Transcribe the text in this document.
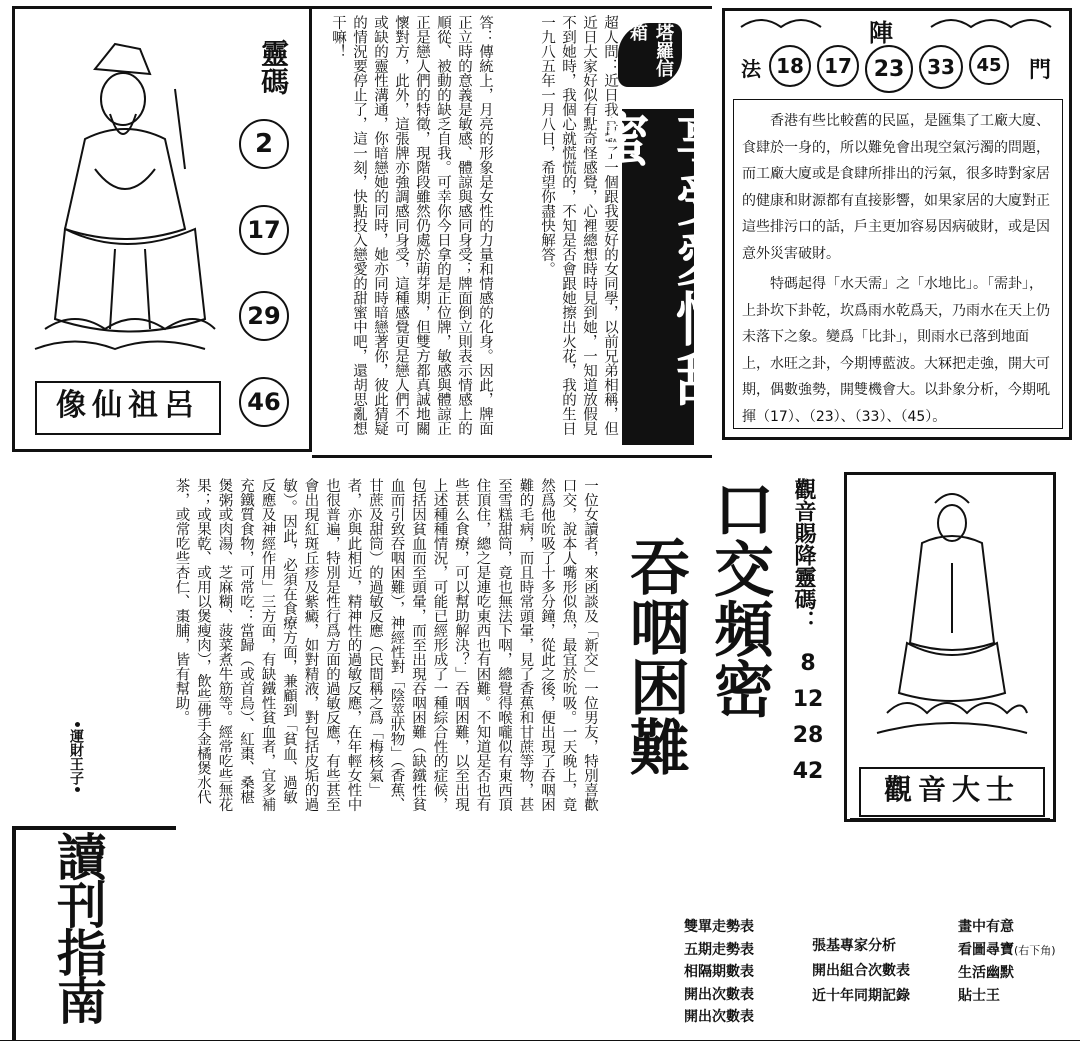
呂祖仙像
靈碼
2 17 29 46	超人問：近日我喜歡了一個跟我要好的女同學，以前兄弟相稱，但近日大家好似有點奇怪感覺，心裡總想時時見到她，一知道放假見不到她時，我個心就慌慌的，不知是否會跟她擦出火花，我的生日一九八五年一月八日，希望你盡快解答。
答：傳統上，月亮的形象是女性的力量和情感的化身。因此，牌面正立時的意義是敏感、體諒與感同身受；牌面倒立則表示情感上的順從、被動的缺乏自我。可幸你今日拿的是正位牌，敏感與體諒正正是戀人們的特徵，現階段雖然仍處於萌芽期，但雙方都真誠地關懷對方，此外，這張牌亦強調感同身受，這種感覺更是戀人們不可或缺的靈性溝通，你暗戀她的同時，她亦同時暗戀著你，彼此猜疑的情況要停止了，這一刻，快點投入戀愛的甜蜜中吧，還胡思亂想干嘛！	塔羅信箱
享受愛情甜蜜
陣
法 18	17 23	33	45	門

香港有些比較舊的民區，是匯集了工廠大廈、食肆於一身的，所以難免會出現空氣污濁的問題，而工廠大廈或是食肆所排出的污氣，很多時對家居的健康和財源都有直接影響，如果家居的大廈對正這些排污口的話，戶主更加容易因病破財，或是因意外災害破財。

特碼起得「水天需」之「水地比」。「需卦」，上卦坎下卦乾，坎爲雨水乾爲天，乃雨水在天上仍未落下之象。變爲「比卦」，則雨水已落到地面上，水旺之卦，今期博藍波。大冧把走強，開大可期，偶數強勢，開雙機會大。以卦象分析，今期吼揮（17）、（23）、（33）、（45）。

一位女讀者，來函談及「新交」一位男友，特別喜歡口交，說本人嘴形似魚，最宜於吮吸。一天晚上，竟然爲他吮吸了十多分鐘，從此之後，便出現了吞咽困難的毛病，而且時常頭暈，見了香蕉和甘蔗等物，甚至雪糕甜筒，竟也無法下咽，總覺得喉嚨似有東西頂住頂住，總之是連吃東西也有困難。不知道是否也有些甚么食療，可以幫助解決？」吞咽困難，以至出現上述種種情況，可能已經形成了一種綜合性的症候，包括因貧血而至頭暈，而至出現吞咽困難（缺鐵性貧血而引致吞咽困難），神經性對「陰莖狀物」（香蕉、甘蔗及甜筒）的過敏反應（民間稱之爲「梅核氣」者，亦與此相近，精神性的過敏反應，在年輕女性中也很普遍，特別是性行爲方面的過敏反應，有些甚至會出現紅斑丘疹及紫癜，如對精液，對包括皮垢的過敏）。因此，必須在食療方面，兼顧到「貧血、過敏反應及神經作用」三方面，有缺鐵性貧血者，宜多補充鐵質食物，可常吃：當歸（或首烏）、紅棗、桑椹煲粥或肉湯、芝麻糊、菠菜煮牛筋等。經常吃些無花果；或果乾、或用以煲瘦肉），飲些佛手金橘煲水代茶，或常吃些杏仁、棗脯，皆有幫助。
•運財王子•	吞咽困難 口交頻密 觀音賜降靈碼：
8
12
28
42
觀音大士
讀刊指南
雙單走勢表
五期走勢表
相隔期數表
開出次數表
開出次數表
張基專家分析
開出組合次數表
近十年同期記錄
畫中有意
看圖尋寶(右下角)
生活幽默
貼士王
